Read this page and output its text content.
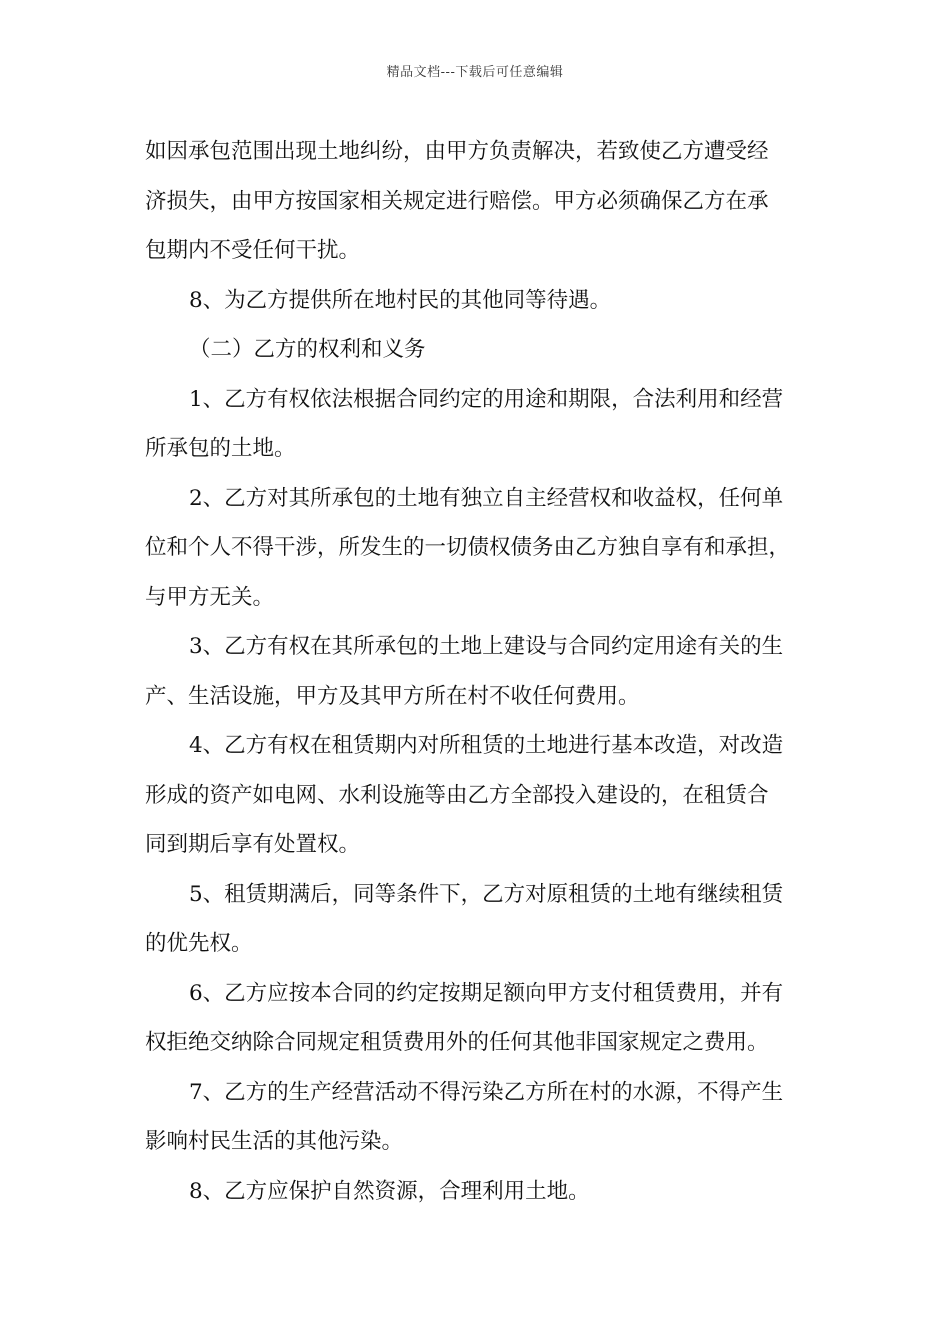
精品文档---下载后可任意编辑

如因承包范围出现土地纠纷，由甲方负责解决，若致使乙方遭受经
济损失，由甲方按国家相关规定进行赔偿。甲方必须确保乙方在承
包期内不受任何干扰。

8、为乙方提供所在地村民的其他同等待遇。

（二）乙方的权利和义务

1、乙方有权依法根据合同约定的用途和期限，合法利用和经营
所承包的土地。

2、乙方对其所承包的土地有独立自主经营权和收益权，任何单
位和个人不得干涉，所发生的一切债权债务由乙方独自享有和承担，
与甲方无关。

3、乙方有权在其所承包的土地上建设与合同约定用途有关的生
产、生活设施，甲方及其甲方所在村不收任何费用。

4、乙方有权在租赁期内对所租赁的土地进行基本改造，对改造
形成的资产如电网、水利设施等由乙方全部投入建设的，在租赁合
同到期后享有处置权。

5、租赁期满后，同等条件下，乙方对原租赁的土地有继续租赁
的优先权。

6、乙方应按本合同的约定按期足额向甲方支付租赁费用，并有
权拒绝交纳除合同规定租赁费用外的任何其他非国家规定之费用。

7、乙方的生产经营活动不得污染乙方所在村的水源，不得产生
影响村民生活的其他污染。

8、乙方应保护自然资源，合理利用土地。
